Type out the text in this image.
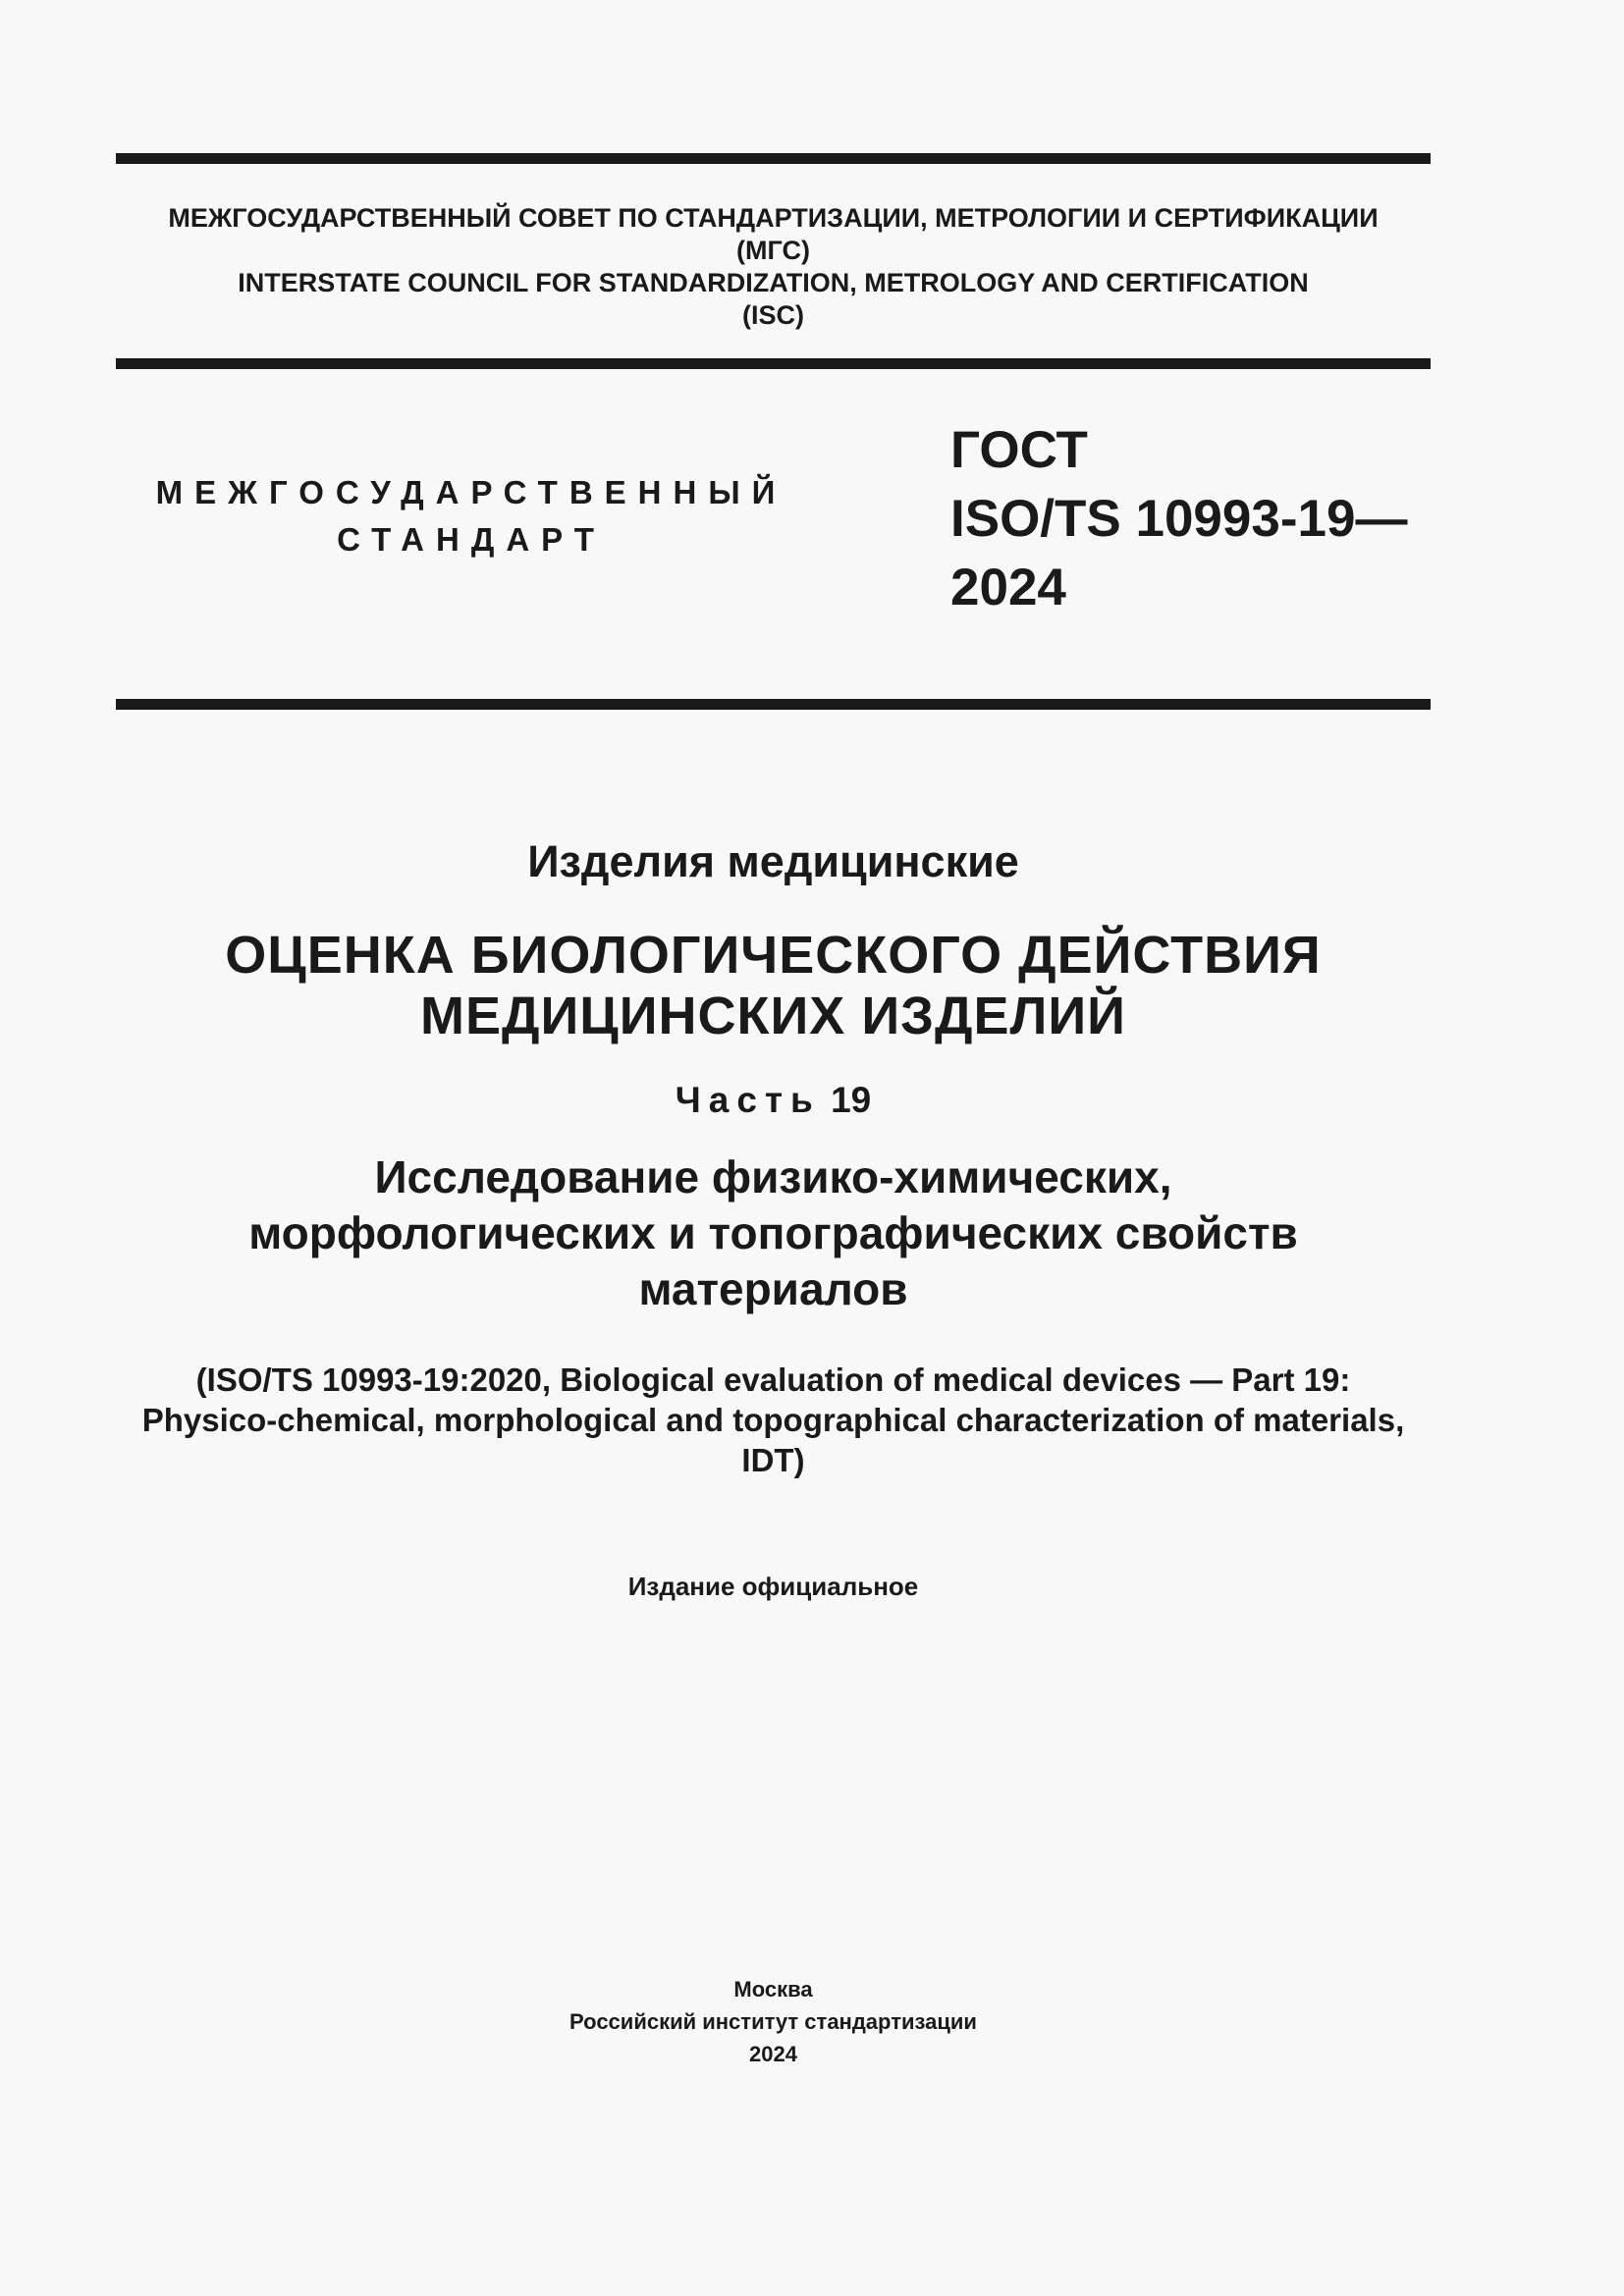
МЕЖГОСУДАРСТВЕННЫЙ СОВЕТ ПО СТАНДАРТИЗАЦИИ, МЕТРОЛОГИИ И СЕРТИФИКАЦИИ
(МГС)
INTERSTATE COUNCIL FOR STANDARDIZATION, METROLOGY AND CERTIFICATION
(ISC)
МЕЖГОСУДАРСТВЕННЫЙ
СТАНДАРТ
ГОСТ
ISO/TS 10993-19—
2024
Изделия медицинские
ОЦЕНКА БИОЛОГИЧЕСКОГО ДЕЙСТВИЯ
МЕДИЦИНСКИХ ИЗДЕЛИЙ
Часть 19
Исследование физико-химических,
морфологических и топографических свойств
материалов
(ISO/TS 10993-19:2020, Biological evaluation of medical devices — Part 19:
Physico-chemical, morphological and topographical characterization of materials,
IDT)
Издание официальное
Москва
Российский институт стандартизации
2024
